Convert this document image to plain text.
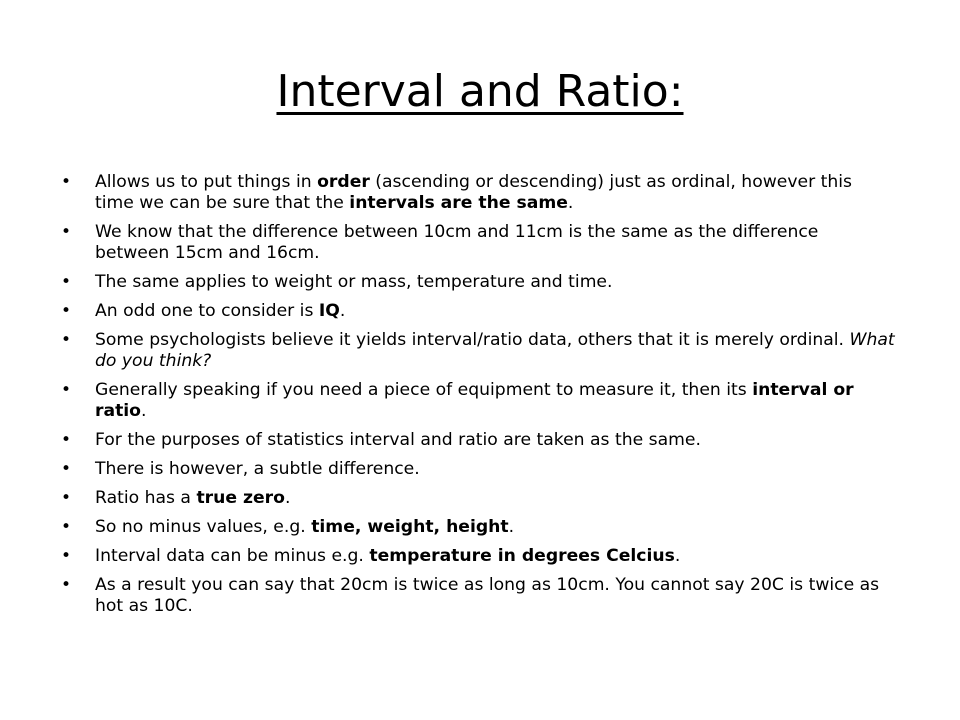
Interval and Ratio:
• Allows us to put things in order (ascending or descending) just as ordinal, however this time we can be sure that the intervals are the same.
• We know that the difference between 10cm and 11cm is the same as the difference between 15cm and 16cm.
• The same applies to weight or mass, temperature and time.
• An odd one to consider is IQ.
• Some psychologists believe it yields interval/ratio data, others that it is merely ordinal. What do you think?
• Generally speaking if you need a piece of equipment to measure it, then its interval or ratio.
• For the purposes of statistics interval and ratio are taken as the same.
• There is however, a subtle difference.
• Ratio has a true zero.
• So no minus values, e.g. time, weight, height.
• Interval data can be minus e.g. temperature in degrees Celcius.
• As a result you can say that 20cm is twice as long as 10cm. You cannot say 20C is twice as hot as 10C.
